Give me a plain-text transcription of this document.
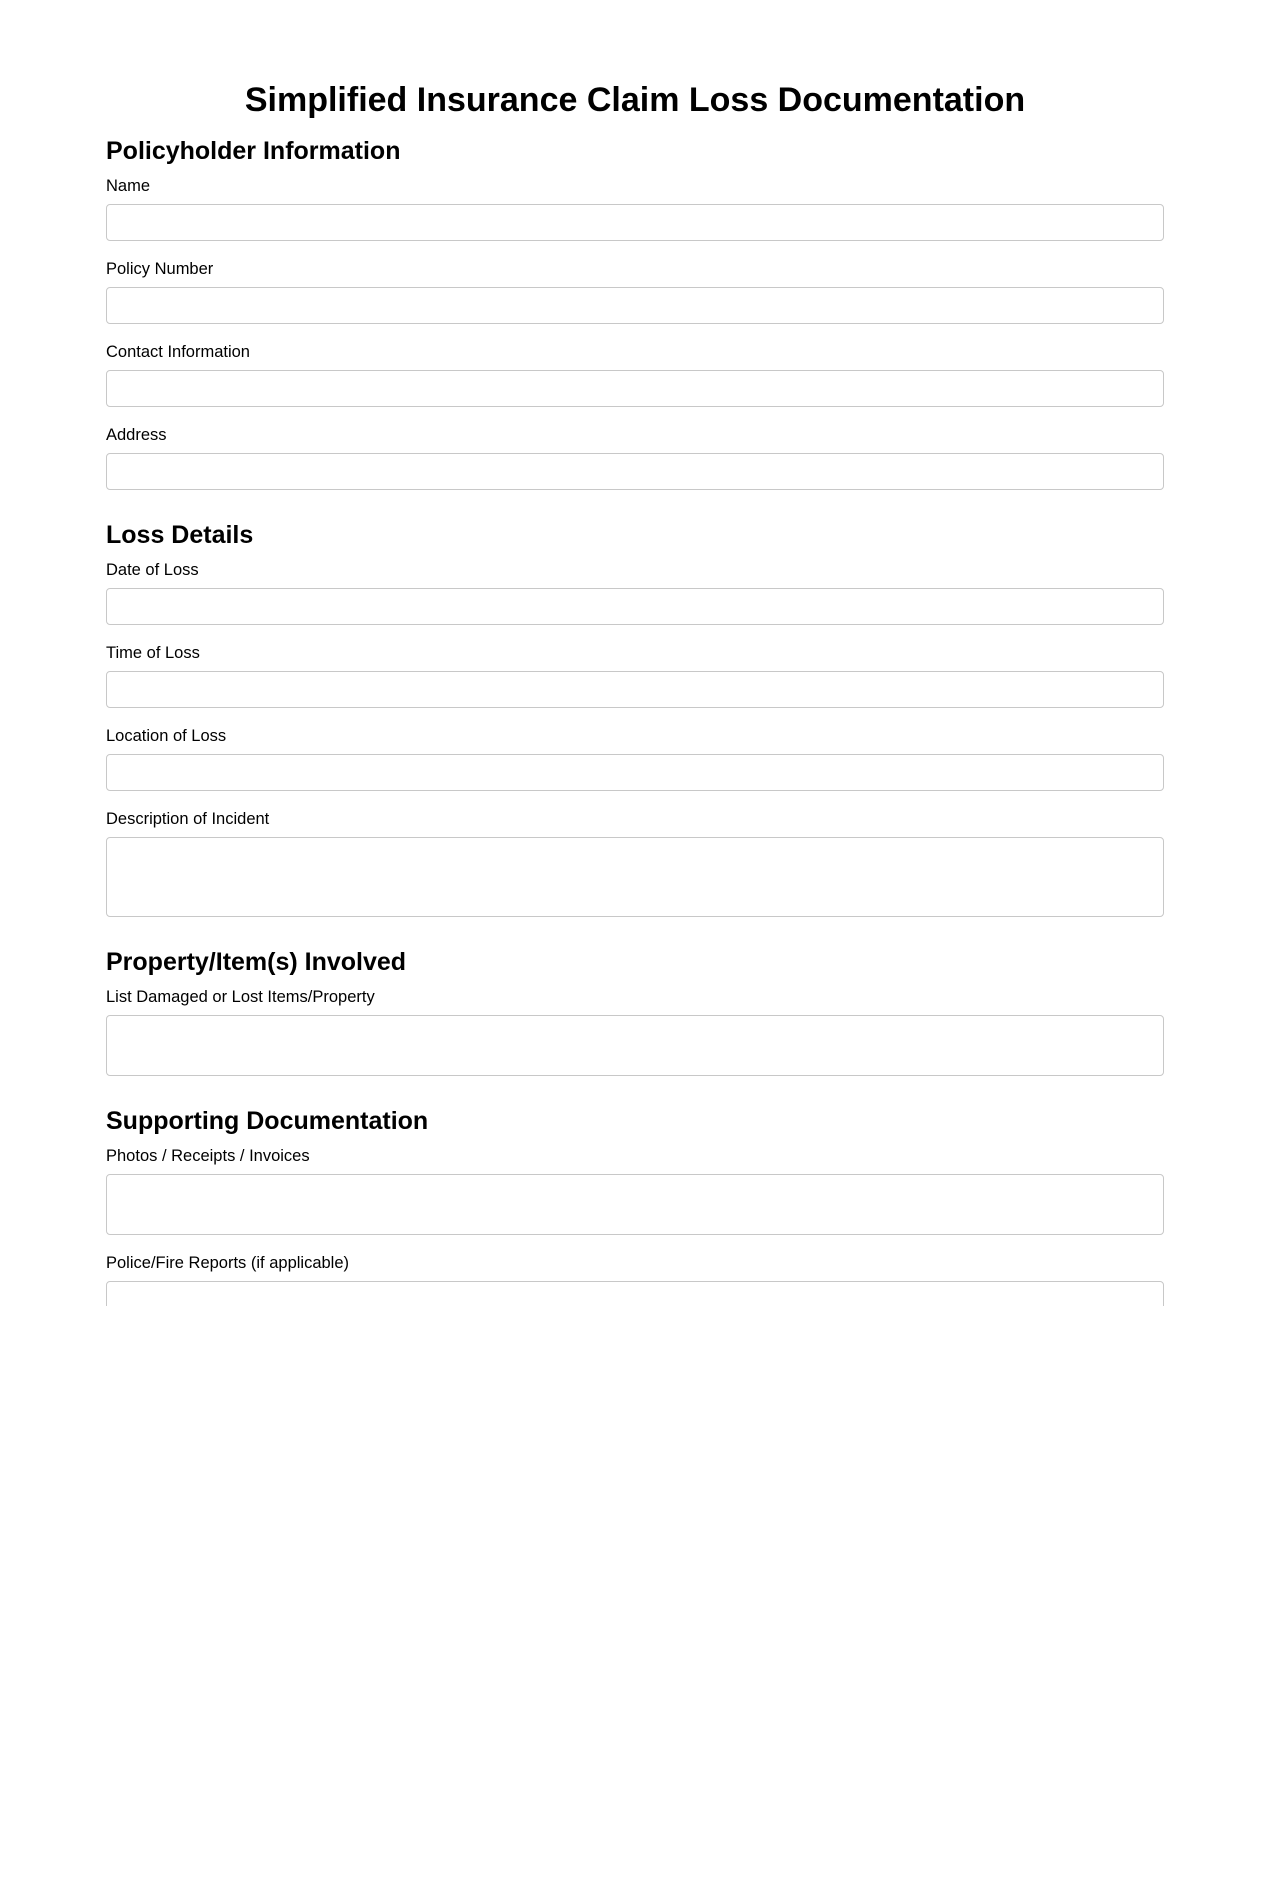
Simplified Insurance Claim Loss Documentation
Policyholder Information
Name
Policy Number
Contact Information
Address
Loss Details
Date of Loss
Time of Loss
Location of Loss
Description of Incident
Property/Item(s) Involved
List Damaged or Lost Items/Property
Supporting Documentation
Photos / Receipts / Invoices
Police/Fire Reports (if applicable)
